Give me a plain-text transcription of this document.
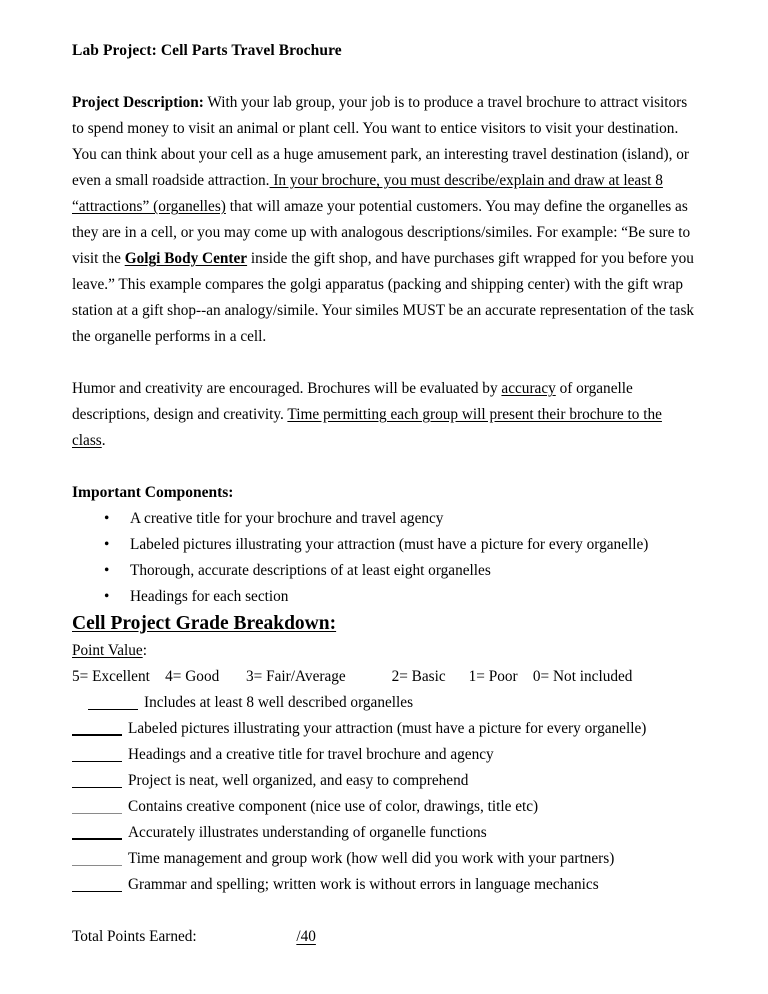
Lab Project: Cell Parts Travel Brochure

Project Description: With your lab group, your job is to produce a travel brochure to attract visitors to spend money to visit an animal or plant cell. You want to entice visitors to visit your destination. You can think about your cell as a huge amusement park, an interesting travel destination (island), or even a small roadside attraction. In your brochure, you must describe/explain and draw at least 8 “attractions” (organelles) that will amaze your potential customers. You may define the organelles as they are in a cell, or you may come up with analogous descriptions/similes. For example: “Be sure to visit the Golgi Body Center inside the gift shop, and have purchases gift wrapped for you before you leave.” This example compares the golgi apparatus (packing and shipping center) with the gift wrap station at a gift shop--an analogy/simile. Your similes MUST be an accurate representation of the task the organelle performs in a cell.

Humor and creativity are encouraged. Brochures will be evaluated by accuracy of organelle descriptions, design and creativity. Time permitting each group will present their brochure to the class.

Important Components:
• A creative title for your brochure and travel agency
• Labeled pictures illustrating your attraction (must have a picture for every organelle)
• Thorough, accurate descriptions of at least eight organelles
• Headings for each section
Cell Project Grade Breakdown:
Point Value:
5= Excellent    4= Good       3= Fair/Average            2= Basic      1= Poor    0= Not included
Includes at least 8 well described organelles
Labeled pictures illustrating your attraction (must have a picture for every organelle)
Headings and a creative title for travel brochure and agency
Project is neat, well organized, and easy to comprehend
Contains creative component (nice use of color, drawings, title etc)
Accurately illustrates understanding of organelle functions
Time management and group work (how well did you work with your partners)
Grammar and spelling; written work is without errors in language mechanics
Total Points Earned:	/40
